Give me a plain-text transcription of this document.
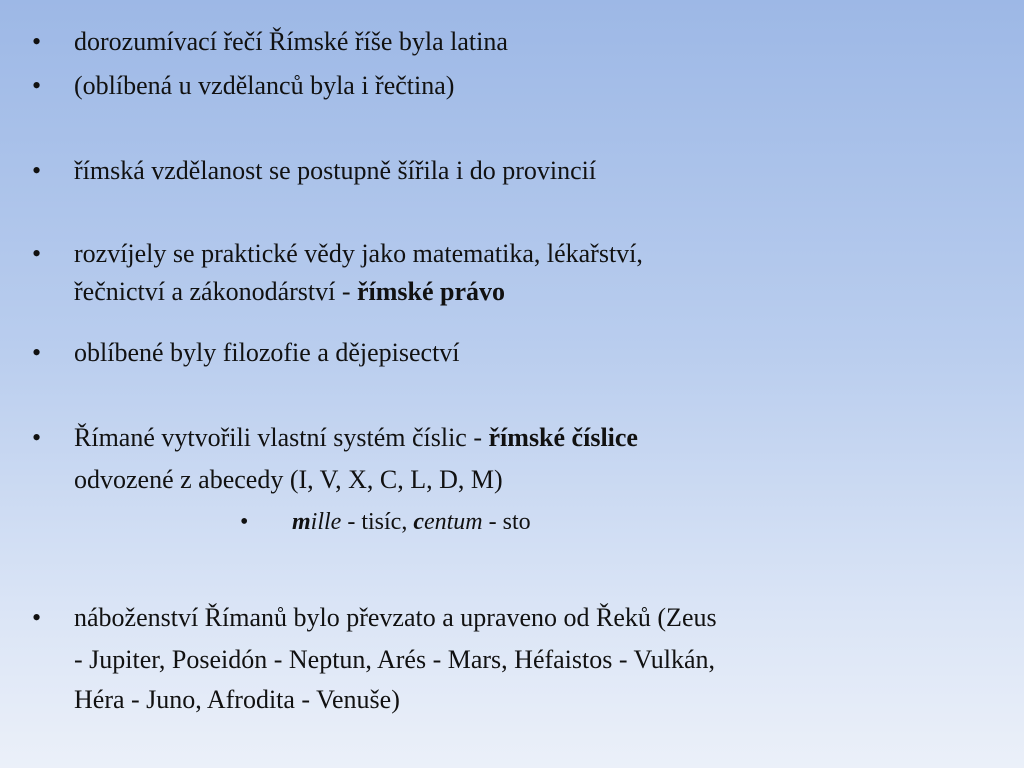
• dorozumívací řečí Římské říše byla latina
• (oblíbená u vzdělanců byla i řečtina)
• římská vzdělanost se postupně šířila i do provincií
• rozvíjely se praktické vědy jako matematika, lékařství,
řečnictví a zákonodárství - římské právo
• oblíbené byly filozofie a dějepisectví
• Římané vytvořili vlastní systém číslic - římské číslice
odvozené z abecedy (I, V, X, C, L, D, M)
• mille - tisíc, centum - sto
• náboženství Římanů bylo převzato a upraveno od Řeků (Zeus
- Jupiter, Poseidón - Neptun, Arés - Mars, Héfaistos - Vulkán,
Héra - Juno, Afrodita - Venuše)
